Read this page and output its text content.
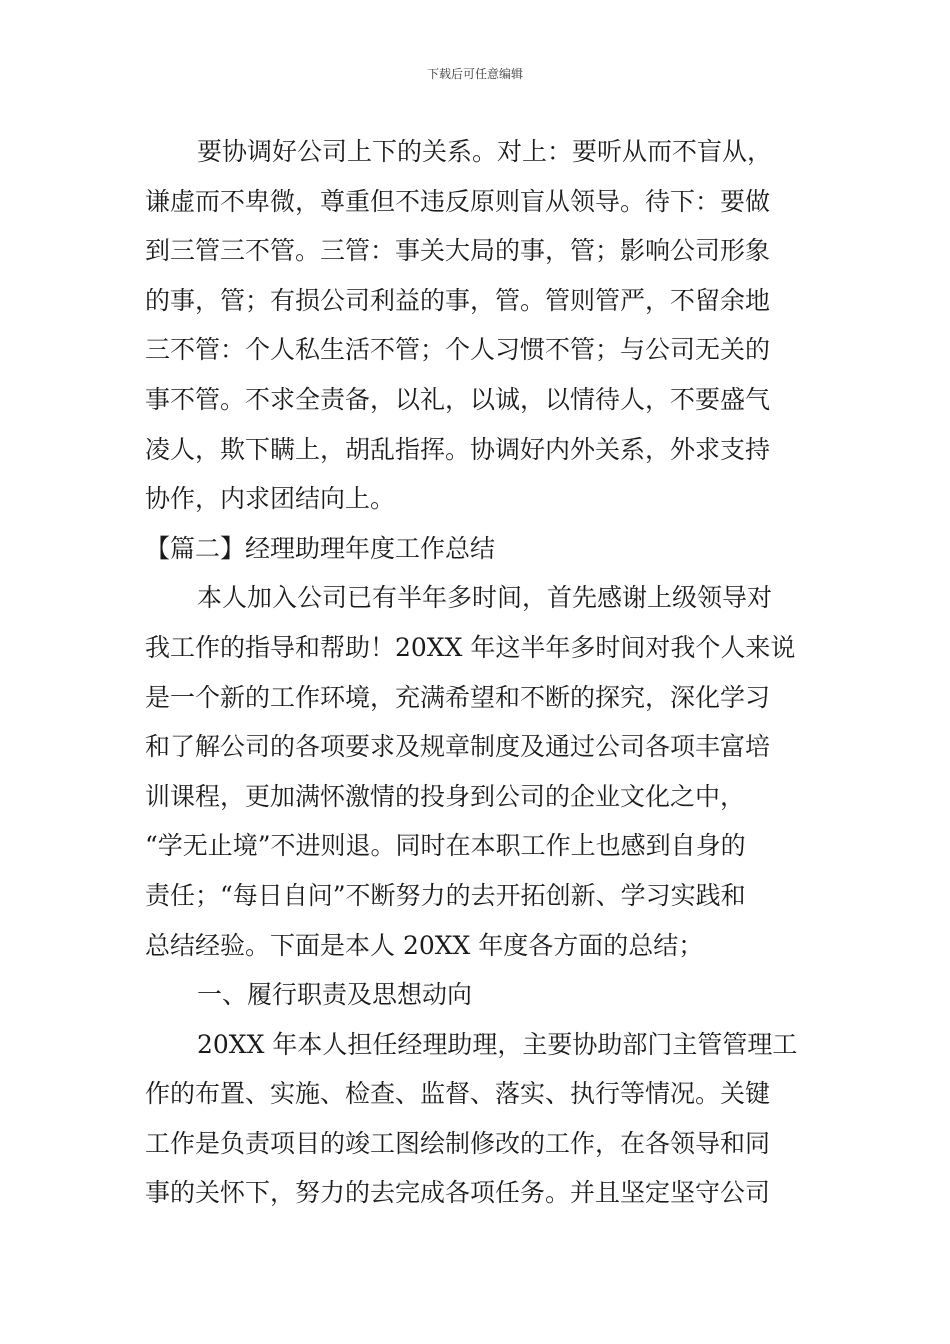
下载后可任意编辑
要协调好公司上下的关系。对上：要听从而不盲从，
谦虚而不卑微，尊重但不违反原则盲从领导。待下：要做
到三管三不管。三管：事关大局的事，管；影响公司形象
的事，管；有损公司利益的事，管。管则管严，不留余地
三不管：个人私生活不管；个人习惯不管；与公司无关的
事不管。不求全责备，以礼，以诚，以情待人，不要盛气
凌人，欺下瞒上，胡乱指挥。协调好内外关系，外求支持
协作，内求团结向上。
【篇二】经理助理年度工作总结
本人加入公司已有半年多时间，首先感谢上级领导对
我工作的指导和帮助！20XX 年这半年多时间对我个人来说
是一个新的工作环境，充满希望和不断的探究，深化学习
和了解公司的各项要求及规章制度及通过公司各项丰富培
训课程，更加满怀激情的投身到公司的企业文化之中，
“学无止境”不进则退。同时在本职工作上也感到自身的
责任；“每日自问”不断努力的去开拓创新、学习实践和
总结经验。下面是本人 20XX 年度各方面的总结；
一、履行职责及思想动向
20XX 年本人担任经理助理，主要协助部门主管管理工
作的布置、实施、检查、监督、落实、执行等情况。关键
工作是负责项目的竣工图绘制修改的工作，在各领导和同
事的关怀下，努力的去完成各项任务。并且坚定坚守公司
